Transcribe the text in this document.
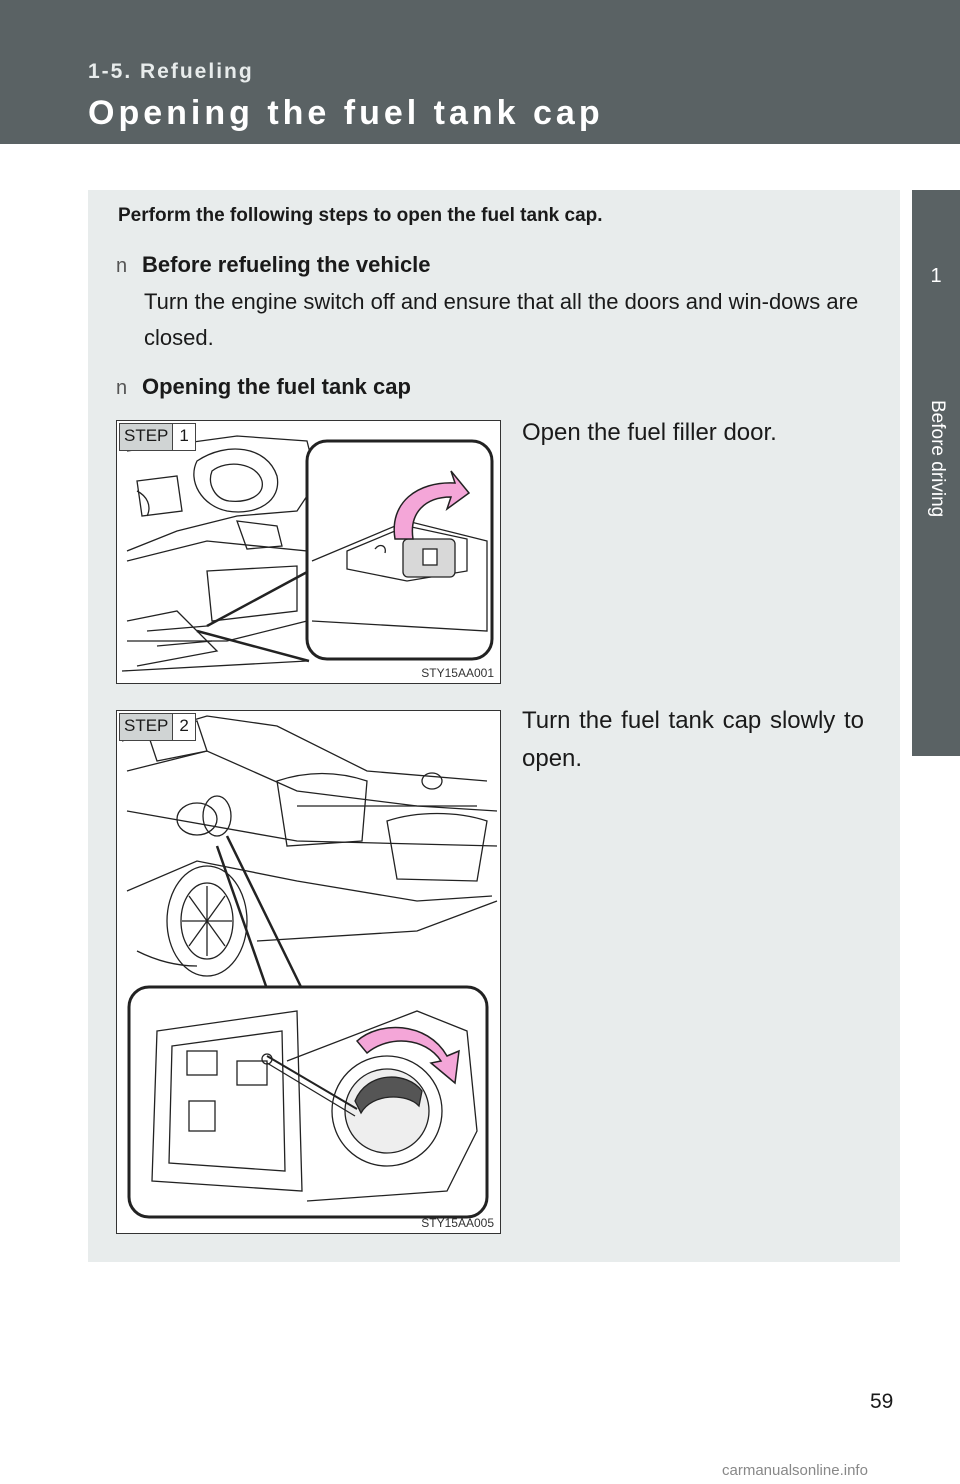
1-5. Refueling
Opening the fuel tank cap
1
Before driving
Perform the following steps to open the fuel tank cap.
n Before refueling the vehicle
Turn the engine switch off and ensure that all the doors and win-dows are closed.
n Opening the fuel tank cap
STEP 1
STY15AA001
Open the fuel filler door.
STEP 2
STY15AA005
Turn the fuel tank cap slowly to open.
59
carmanualsonline.info
